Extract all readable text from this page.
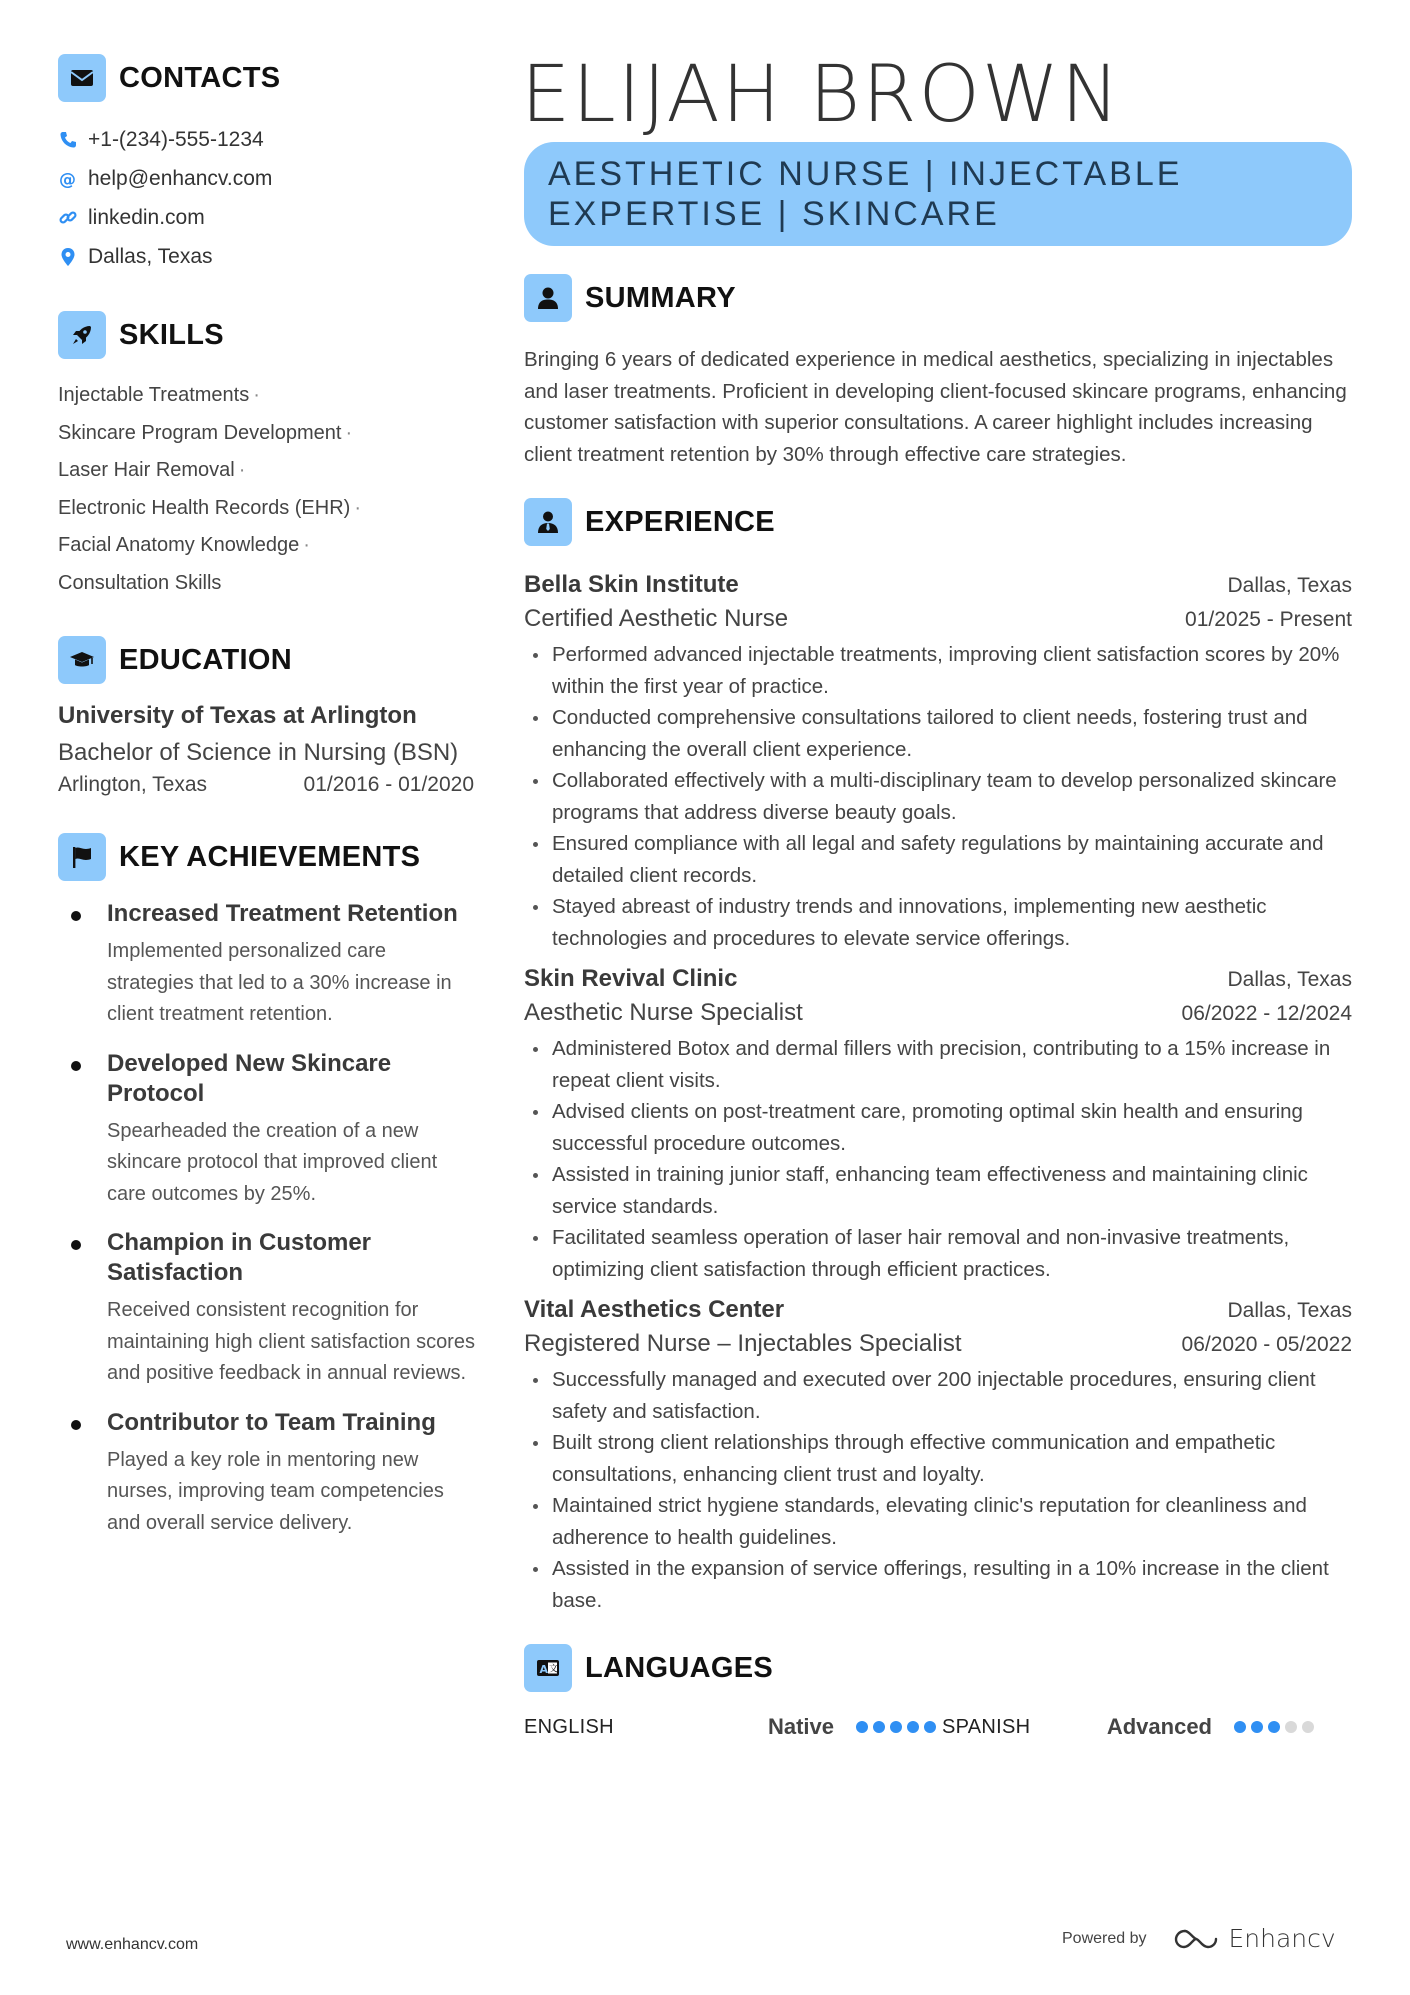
CONTACTS
+1-(234)-555-1234
@ help@enhancv.com
linkedin.com
Dallas, Texas
SKILLS
Injectable Treatments ·
Skincare Program Development ·
Laser Hair Removal ·
Electronic Health Records (EHR) ·
Facial Anatomy Knowledge ·
Consultation Skills
EDUCATION
University of Texas at Arlington
Bachelor of Science in Nursing (BSN)
Arlington, Texas	01/2016 - 01/2020
KEY ACHIEVEMENTS
Increased Treatment Retention
Implemented personalized care strategies that led to a 30% increase in client treatment retention.
Developed New Skincare Protocol
Spearheaded the creation of a new skincare protocol that improved client care outcomes by 25%.
Champion in Customer Satisfaction
Received consistent recognition for maintaining high client satisfaction scores and positive feedback in annual reviews.
Contributor to Team Training
Played a key role in mentoring new nurses, improving team competencies and overall service delivery.
ELIJAH BROWN
AESTHETIC NURSE | INJECTABLE
EXPERTISE | SKINCARE
SUMMARY
Bringing 6 years of dedicated experience in medical aesthetics, specializing in injectables and laser treatments. Proficient in developing client-focused skincare programs, enhancing customer satisfaction with superior consultations. A career highlight includes increasing client treatment retention by 30% through effective care strategies.
EXPERIENCE
Bella Skin Institute	Dallas, Texas
Certified Aesthetic Nurse	01/2025 - Present
Performed advanced injectable treatments, improving client satisfaction scores by 20% within the first year of practice.
Conducted comprehensive consultations tailored to client needs, fostering trust and enhancing the overall client experience.
Collaborated effectively with a multi-disciplinary team to develop personalized skincare programs that address diverse beauty goals.
Ensured compliance with all legal and safety regulations by maintaining accurate and detailed client records.
Stayed abreast of industry trends and innovations, implementing new aesthetic technologies and procedures to elevate service offerings.
Skin Revival Clinic	Dallas, Texas
Aesthetic Nurse Specialist	06/2022 - 12/2024
Administered Botox and dermal fillers with precision, contributing to a 15% increase in repeat client visits.
Advised clients on post-treatment care, promoting optimal skin health and ensuring successful procedure outcomes.
Assisted in training junior staff, enhancing team effectiveness and maintaining clinic service standards.
Facilitated seamless operation of laser hair removal and non-invasive treatments, optimizing client satisfaction through efficient practices.
Vital Aesthetics Center	Dallas, Texas
Registered Nurse – Injectables Specialist	06/2020 - 05/2022
Successfully managed and executed over 200 injectable procedures, ensuring client safety and satisfaction.
Built strong client relationships through effective communication and empathetic consultations, enhancing client trust and loyalty.
Maintained strict hygiene standards, elevating clinic's reputation for cleanliness and adherence to health guidelines.
Assisted in the expansion of service offerings, resulting in a 10% increase in the client base.
A 文 LANGUAGES
ENGLISH	Native	SPANISH	Advanced
www.enhancv.com	Powered by	Enhancv
